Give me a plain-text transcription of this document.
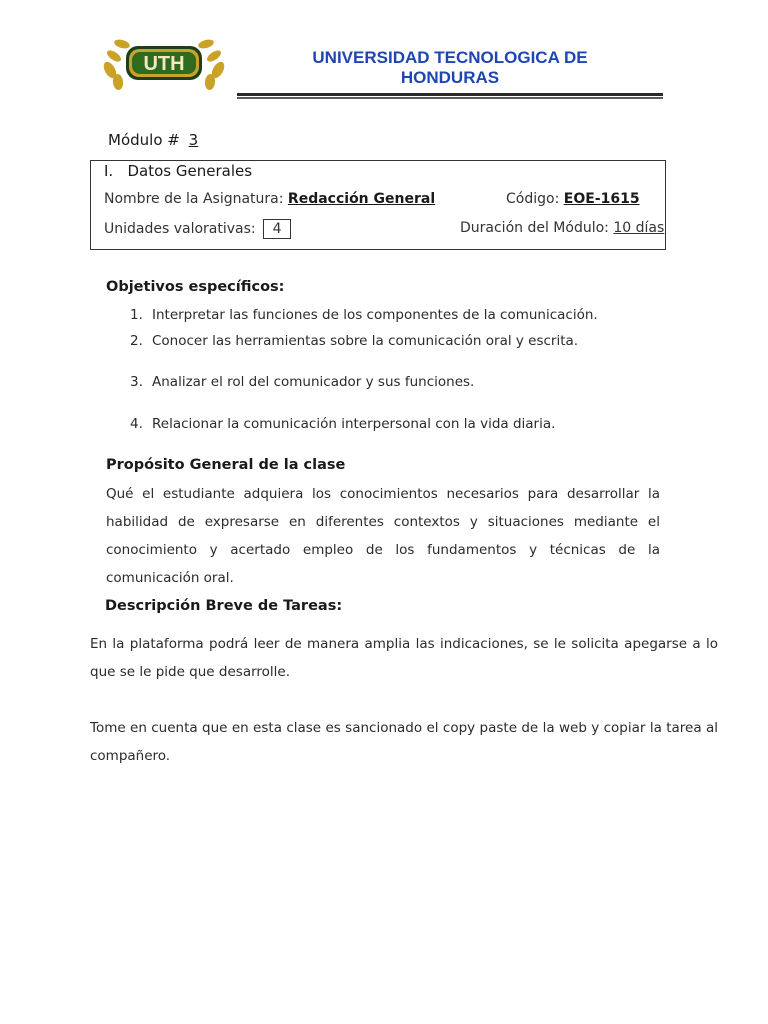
UTH	UNIVERSIDAD TECNOLOGICA DE
HONDURAS
Módulo # 3
I.   Datos Generales
Nombre de la Asignatura: Redacción General	Código: EOE-1615
Unidades valorativas: 4	Duración del Módulo: 10 días
Objetivos específicos:
1. Interpretar las funciones de los componentes de la comunicación.
2. Conocer las herramientas sobre la comunicación oral y escrita.
3. Analizar el rol del comunicador y sus funciones.
4. Relacionar la comunicación interpersonal con la vida diaria.
Propósito General de la clase
Qué el estudiante adquiera los conocimientos necesarios para desarrollar la habilidad de expresarse en diferentes contextos y situaciones mediante el conocimiento y acertado empleo de los fundamentos y técnicas de la comunicación oral.
Descripción Breve de Tareas:
En la plataforma podrá leer de manera amplia las indicaciones, se le solicita apegarse a lo que se le pide que desarrolle.
Tome en cuenta que en esta clase es sancionado el copy paste de la web y copiar la tarea al compañero.
